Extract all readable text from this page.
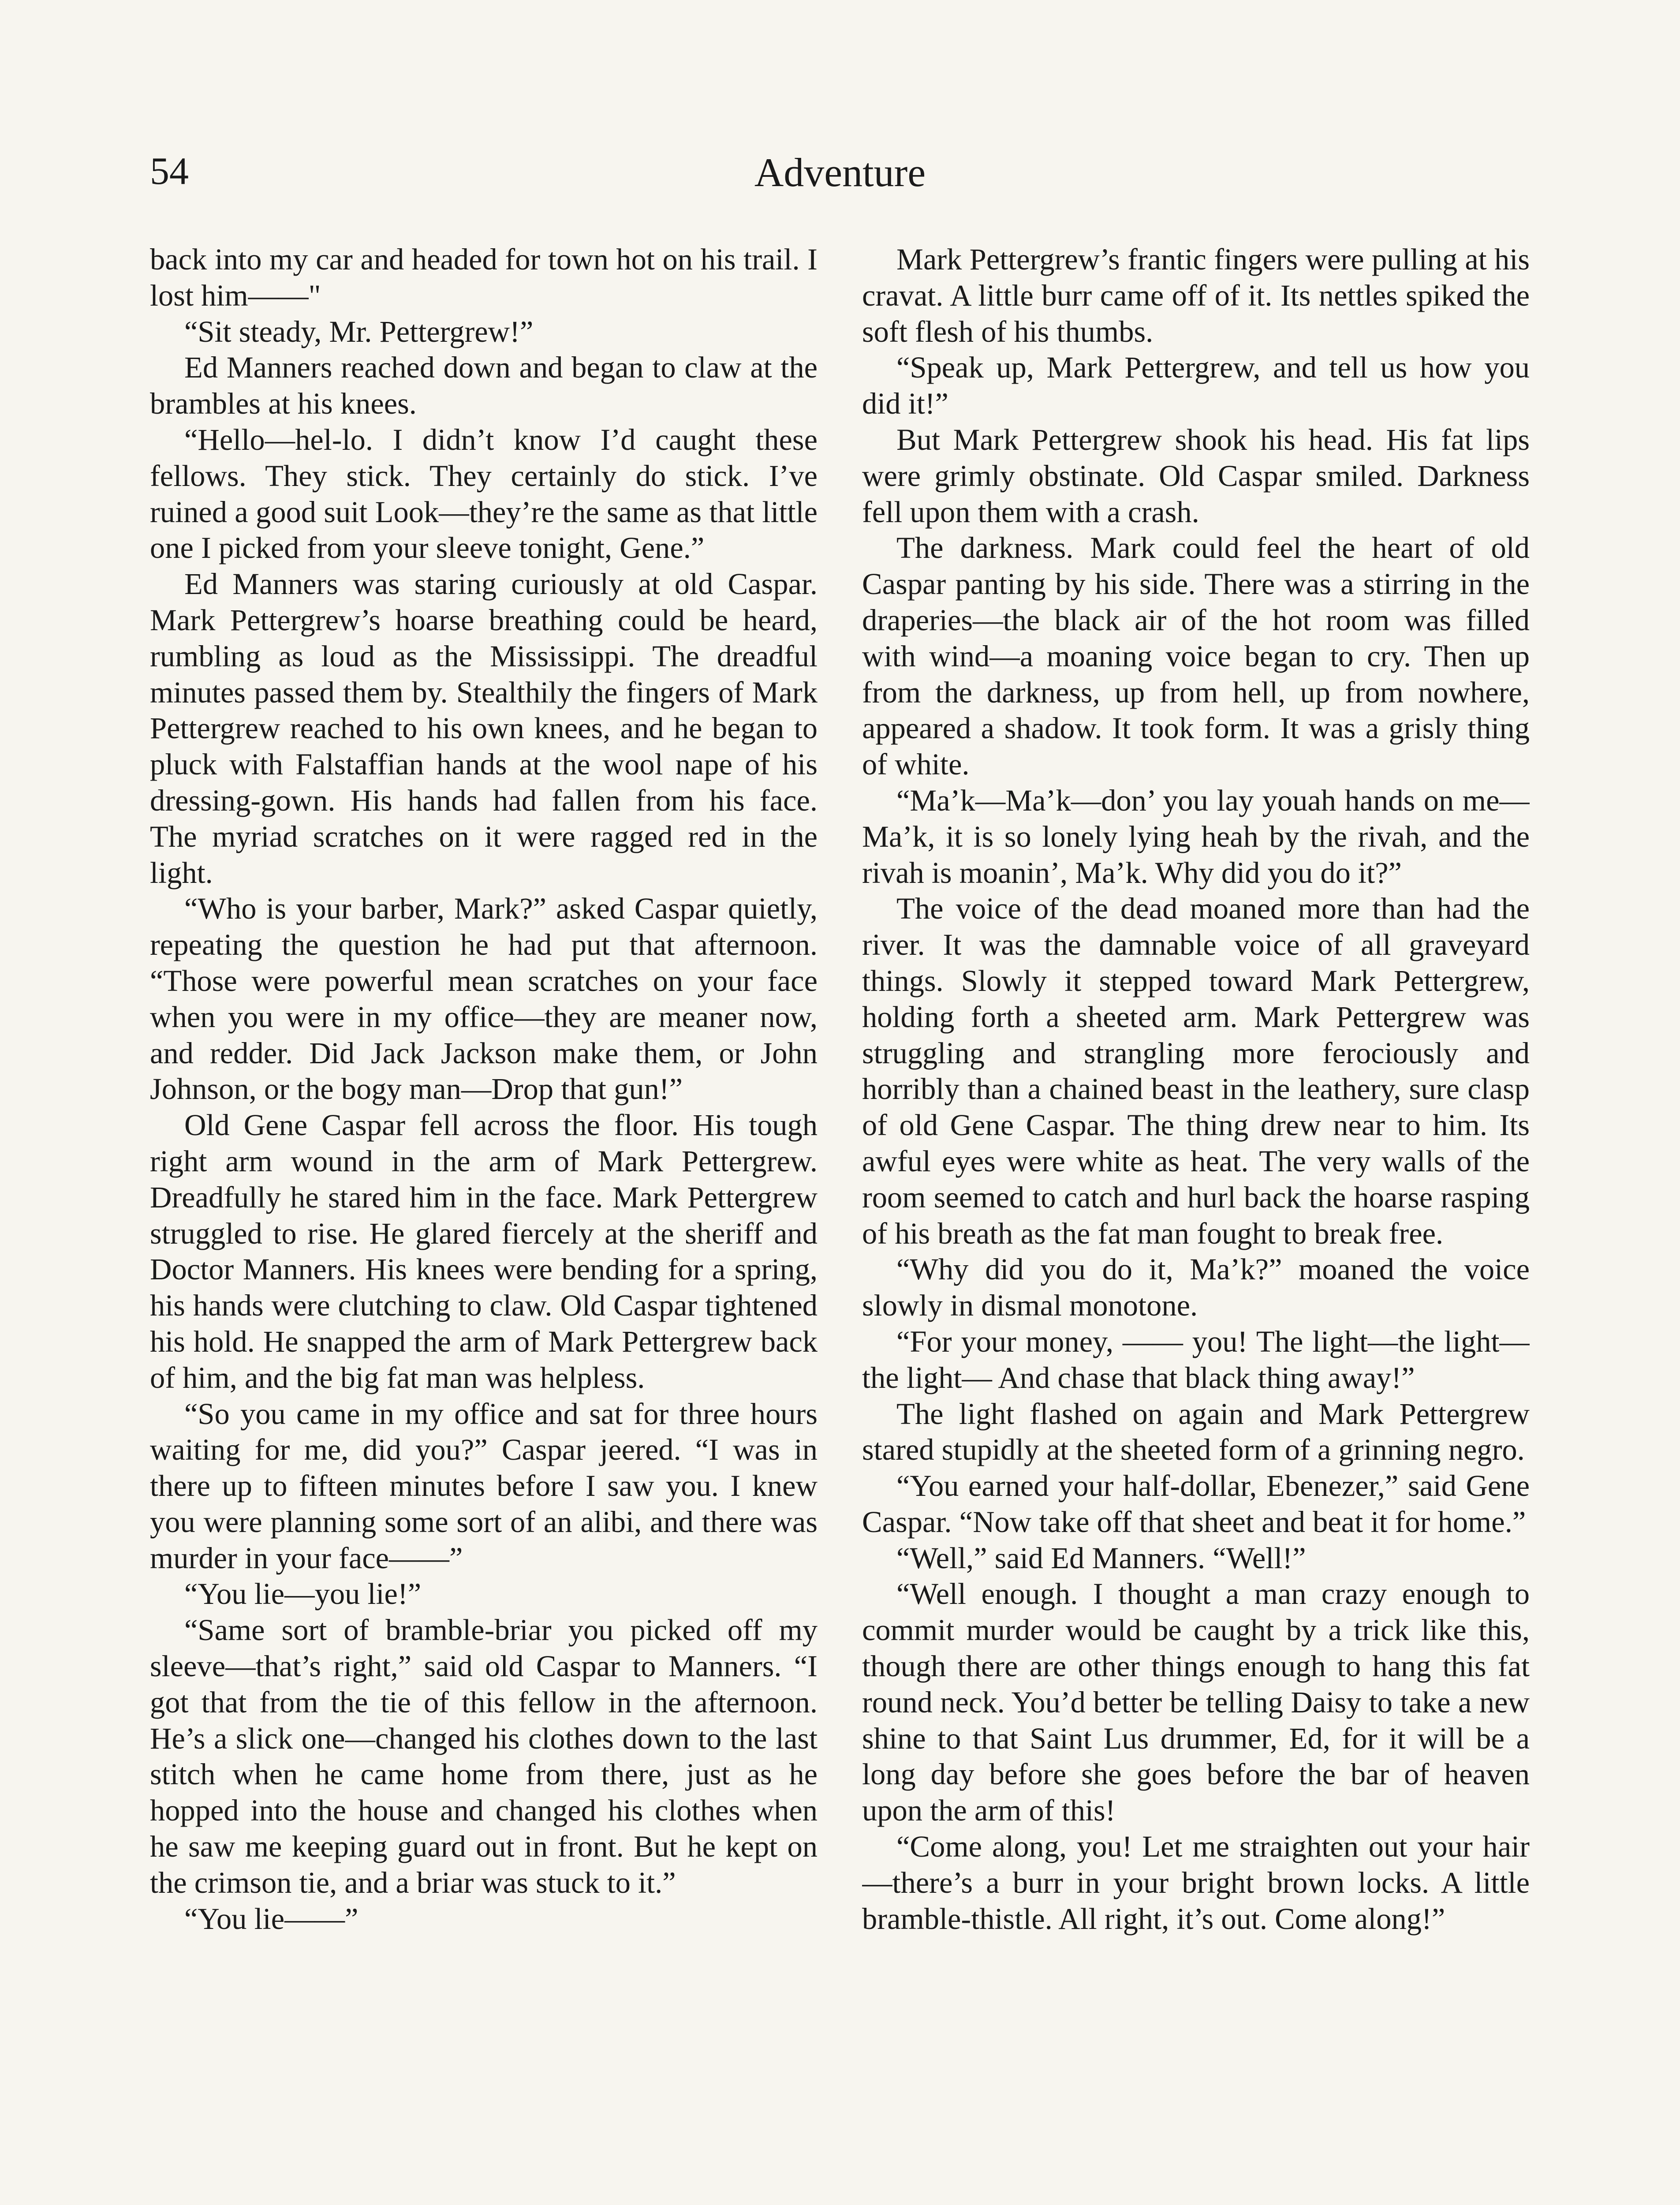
54	Adventure

back into my car and headed for town hot on his trail. I lost him——"

“Sit steady, Mr. Pettergrew!”

Ed Manners reached down and began to claw at the brambles at his knees.

“Hello—hel-lo. I didn’t know I’d caught these fellows. They stick. They certainly do stick. I’ve ruined a good suit Look—they’re the same as that little one I picked from your sleeve tonight, Gene.”

Ed Manners was staring curiously at old Caspar. Mark Pettergrew’s hoarse breathing could be heard, rumbling as loud as the Mississippi. The dreadful minutes passed them by. Stealthily the fingers of Mark Pettergrew reached to his own knees, and he began to pluck with Falstaffian hands at the wool nape of his dressing-gown. His hands had fallen from his face. The myriad scratches on it were ragged red in the light.

“Who is your barber, Mark?” asked Caspar quietly, repeating the question he had put that afternoon. “Those were powerful mean scratches on your face when you were in my office—they are meaner now, and redder. Did Jack Jackson make them, or John Johnson, or the bogy man—Drop that gun!”

Old Gene Caspar fell across the floor. His tough right arm wound in the arm of Mark Pettergrew. Dreadfully he stared him in the face. Mark Pettergrew struggled to rise. He glared fiercely at the sheriff and Doctor Manners. His knees were bending for a spring, his hands were clutching to claw. Old Caspar tightened his hold. He snapped the arm of Mark Pettergrew back of him, and the big fat man was helpless.

“So you came in my office and sat for three hours waiting for me, did you?” Caspar jeered. “I was in there up to fifteen minutes before I saw you. I knew you were planning some sort of an alibi, and there was murder in your face——”

“You lie—you lie!”

“Same sort of bramble-briar you picked off my sleeve—that’s right,” said old Caspar to Manners. “I got that from the tie of this fellow in the afternoon. He’s a slick one—changed his clothes down to the last stitch when he came home from there, just as he hopped into the house and changed his clothes when he saw me keeping guard out in front. But he kept on the crimson tie, and a briar was stuck to it.”

“You lie——”

Mark Pettergrew’s frantic fingers were pulling at his cravat. A little burr came off of it. Its nettles spiked the soft flesh of his thumbs.

“Speak up, Mark Pettergrew, and tell us how you did it!”

But Mark Pettergrew shook his head. His fat lips were grimly obstinate. Old Caspar smiled. Darkness fell upon them with a crash.

The darkness. Mark could feel the heart of old Caspar panting by his side. There was a stirring in the draperies—the black air of the hot room was filled with wind—a moaning voice began to cry. Then up from the darkness, up from hell, up from nowhere, appeared a shadow. It took form. It was a grisly thing of white.

“Ma’k—Ma’k—don’ you lay youah hands on me—Ma’k, it is so lonely lying heah by the rivah, and the rivah is moanin’, Ma’k. Why did you do it?”

The voice of the dead moaned more than had the river. It was the damnable voice of all graveyard things. Slowly it stepped toward Mark Pettergrew, holding forth a sheeted arm. Mark Pettergrew was struggling and strangling more ferociously and horribly than a chained beast in the leathery, sure clasp of old Gene Caspar. The thing drew near to him. Its awful eyes were white as heat. The very walls of the room seemed to catch and hurl back the hoarse rasping of his breath as the fat man fought to break free.

“Why did you do it, Ma’k?” moaned the voice slowly in dismal monotone.

“For your money, —— you! The light—the light—the light— And chase that black thing away!”

The light flashed on again and Mark Pettergrew stared stupidly at the sheeted form of a grinning negro.

“You earned your half-dollar, Ebenezer,” said Gene Caspar. “Now take off that sheet and beat it for home.”

“Well,” said Ed Manners. “Well!”

“Well enough. I thought a man crazy enough to commit murder would be caught by a trick like this, though there are other things enough to hang this fat round neck. You’d better be telling Daisy to take a new shine to that Saint Lus drummer, Ed, for it will be a long day before she goes before the bar of heaven upon the arm of this!

“Come along, you! Let me straighten out your hair—there’s a burr in your bright brown locks. A little bramble-thistle. All right, it’s out. Come along!”
